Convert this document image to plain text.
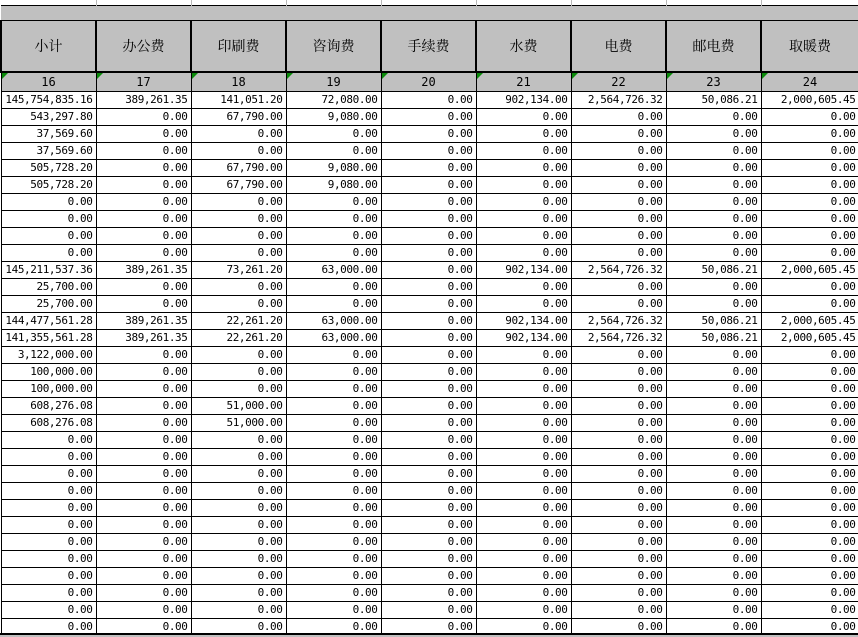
小计	办公费	印刷费	咨询费	手续费	水费	电费	邮电费	取暖费

16	17	18	19	20	21	22	23	24
145,754,835.16	389,261.35	141,051.20	72,080.00	0.00	902,134.00	2,564,726.32	50,086.21	2,000,605.45
543,297.80	0.00	67,790.00	9,080.00	0.00	0.00	0.00	0.00	0.00
37,569.60	0.00	0.00	0.00	0.00	0.00	0.00	0.00	0.00
37,569.60	0.00	0.00	0.00	0.00	0.00	0.00	0.00	0.00
505,728.20	0.00	67,790.00	9,080.00	0.00	0.00	0.00	0.00	0.00
505,728.20	0.00	67,790.00	9,080.00	0.00	0.00	0.00	0.00	0.00
0.00	0.00	0.00	0.00	0.00	0.00	0.00	0.00	0.00
0.00	0.00	0.00	0.00	0.00	0.00	0.00	0.00	0.00
0.00	0.00	0.00	0.00	0.00	0.00	0.00	0.00	0.00
0.00	0.00	0.00	0.00	0.00	0.00	0.00	0.00	0.00
145,211,537.36	389,261.35	73,261.20	63,000.00	0.00	902,134.00	2,564,726.32	50,086.21	2,000,605.45
25,700.00	0.00	0.00	0.00	0.00	0.00	0.00	0.00	0.00
25,700.00	0.00	0.00	0.00	0.00	0.00	0.00	0.00	0.00
144,477,561.28	389,261.35	22,261.20	63,000.00	0.00	902,134.00	2,564,726.32	50,086.21	2,000,605.45
141,355,561.28	389,261.35	22,261.20	63,000.00	0.00	902,134.00	2,564,726.32	50,086.21	2,000,605.45
3,122,000.00	0.00	0.00	0.00	0.00	0.00	0.00	0.00	0.00
100,000.00	0.00	0.00	0.00	0.00	0.00	0.00	0.00	0.00
100,000.00	0.00	0.00	0.00	0.00	0.00	0.00	0.00	0.00
608,276.08	0.00	51,000.00	0.00	0.00	0.00	0.00	0.00	0.00
608,276.08	0.00	51,000.00	0.00	0.00	0.00	0.00	0.00	0.00
0.00	0.00	0.00	0.00	0.00	0.00	0.00	0.00	0.00
0.00	0.00	0.00	0.00	0.00	0.00	0.00	0.00	0.00
0.00	0.00	0.00	0.00	0.00	0.00	0.00	0.00	0.00
0.00	0.00	0.00	0.00	0.00	0.00	0.00	0.00	0.00
0.00	0.00	0.00	0.00	0.00	0.00	0.00	0.00	0.00
0.00	0.00	0.00	0.00	0.00	0.00	0.00	0.00	0.00
0.00	0.00	0.00	0.00	0.00	0.00	0.00	0.00	0.00
0.00	0.00	0.00	0.00	0.00	0.00	0.00	0.00	0.00
0.00	0.00	0.00	0.00	0.00	0.00	0.00	0.00	0.00
0.00	0.00	0.00	0.00	0.00	0.00	0.00	0.00	0.00
0.00	0.00	0.00	0.00	0.00	0.00	0.00	0.00	0.00
0.00	0.00	0.00	0.00	0.00	0.00	0.00	0.00	0.00
